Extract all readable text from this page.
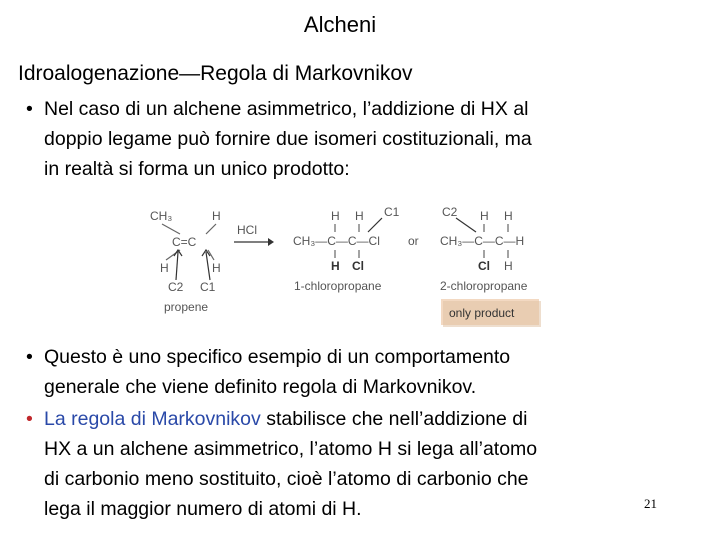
Alcheni
Idroalogenazione—Regola di Markovnikov
• Nel caso di un alchene asimmetrico, l’addizione di HX al
doppio legame può fornire due isomeri costituzionali, ma
in realtà si forma un unico prodotto:
CH₃	H
C=C
H	H
C2 C1
propene
HCl
H H C1
CH₃—C—C—Cl
H Cl
1-chloropropane
or
C2 H H
CH₃—C—C—H
Cl H
2-chloropropane
only product
• Questo è uno specifico esempio di un comportamento
generale che viene definito regola di Markovnikov.
• La regola di Markovnikov stabilisce che nell’addizione di
HX a un alchene asimmetrico, l’atomo H si lega all’atomo
di carbonio meno sostituito, cioè l’atomo di carbonio che
lega il maggior numero di atomi di H.	21
